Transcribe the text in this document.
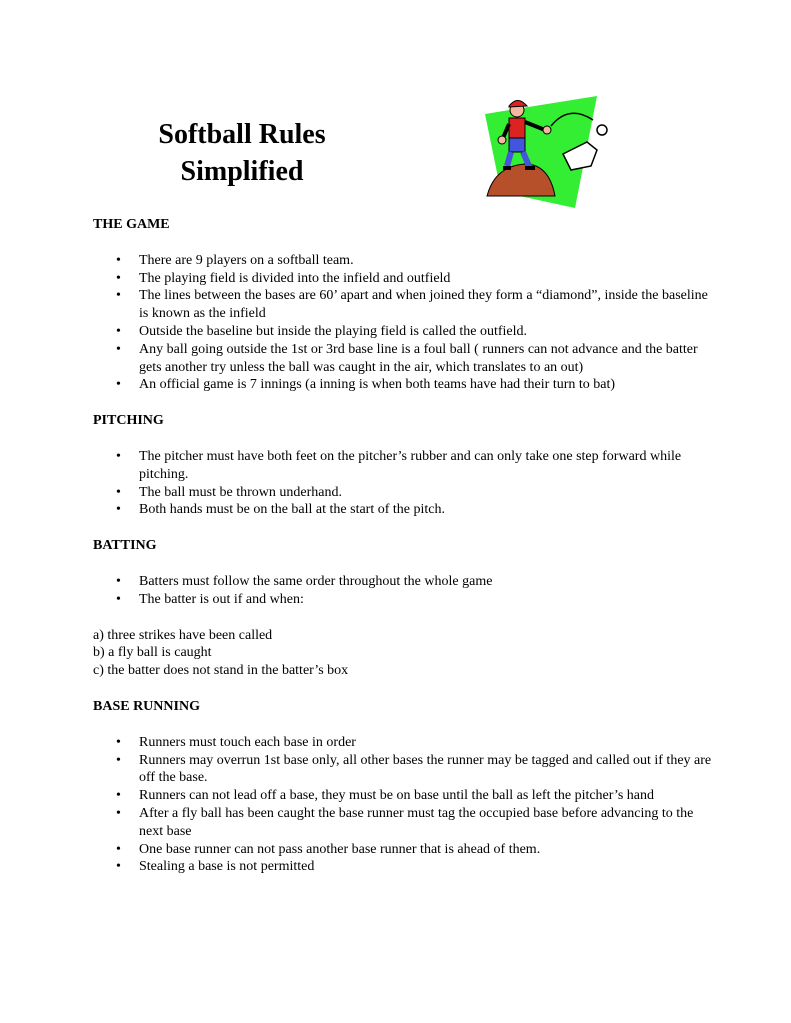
Softball Rules
Simplified
THE GAME
• There are 9 players on a softball team.
• The playing field is divided into the infield and outfield
• The lines between the bases are 60’ apart and when joined they form a “diamond”, inside the baseline is known as the infield
• Outside the baseline but inside the playing field is called the outfield.
• Any ball going outside the 1st or 3rd base line is a foul ball ( runners can not advance and the batter gets another try unless the ball was caught in the air, which translates to an out)
• An official game is 7 innings (a inning is when both teams have had their turn to bat)
PITCHING
• The pitcher must have both feet on the pitcher’s rubber and can only take one step forward while pitching.
• The ball must be thrown underhand.
• Both hands must be on the ball at the start of the pitch.
BATTING
• Batters must follow the same order throughout the whole game
• The batter is out if and when:
a) three strikes have been called
b) a fly ball is caught
c) the batter does not stand in the batter’s box
BASE RUNNING
• Runners must touch each base in order
• Runners may overrun 1st base only, all other bases the runner may be tagged and called out if they are off the base.
• Runners can not lead off a base, they must be on base until the ball as left the pitcher’s hand
• After a fly ball has been caught the base runner must tag the occupied base before advancing to the next base
• One base runner can not pass another base runner that is ahead of them.
• Stealing a base is not permitted
